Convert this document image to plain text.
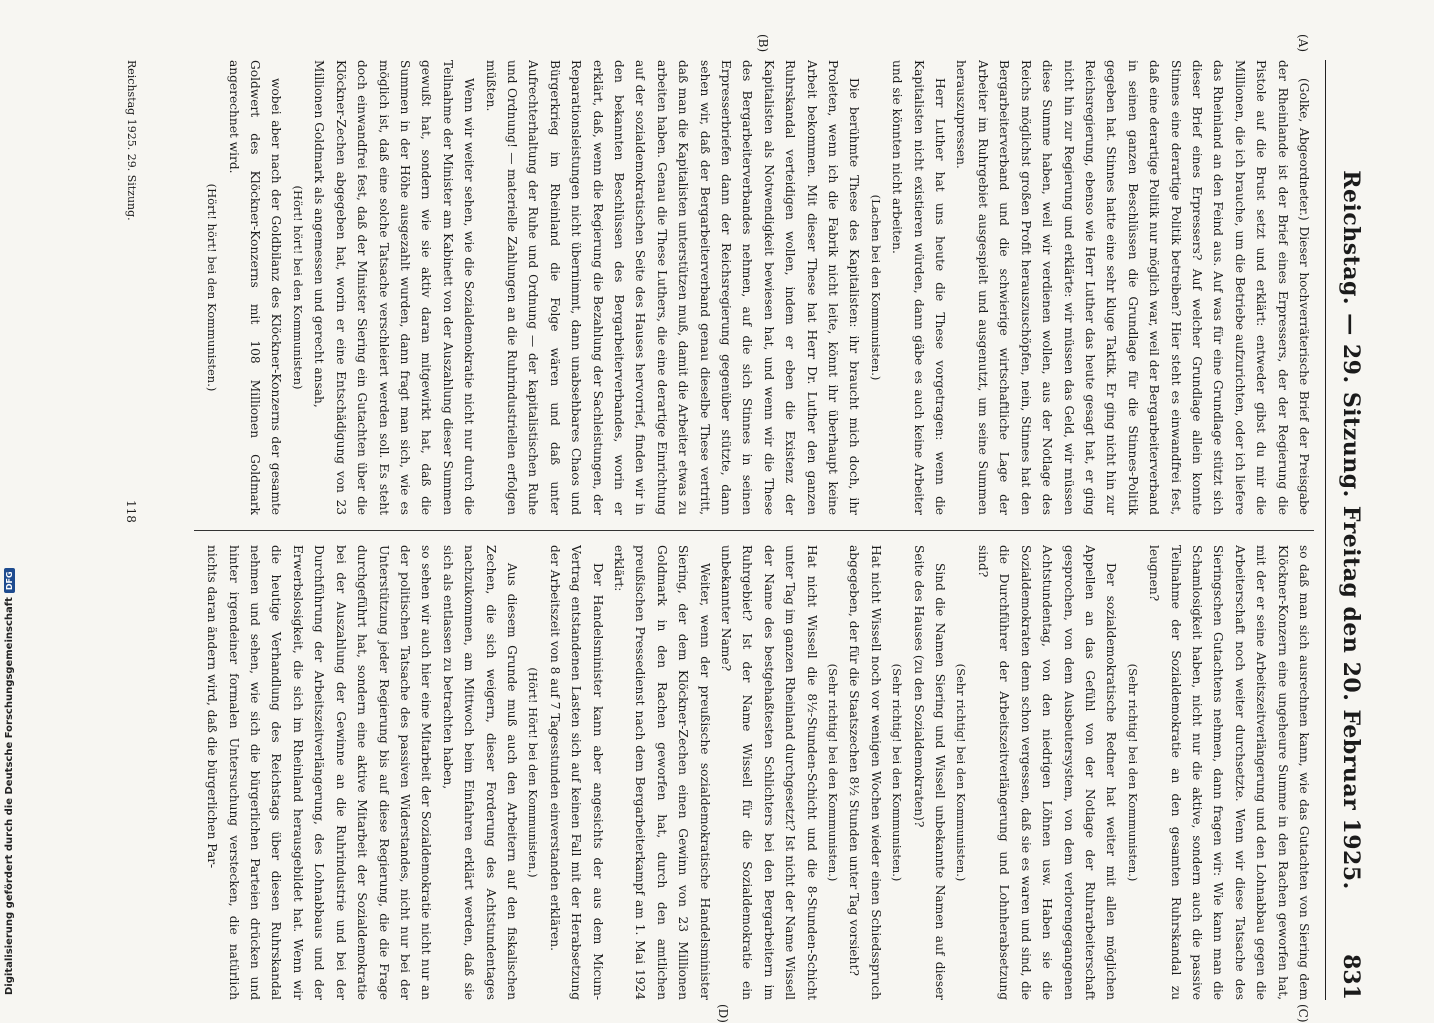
Reichstag. — 29. Sitzung. Freitag den 20. Februar 1925.
831
(A)
(B)
(C)
(D)

(Golke, Abgeordneter.) Dieser hochverräterische Brief der Preisgabe der Rheinlande ist der Brief eines Erpressers, der der Regierung die Pistole auf die Brust setzt und erklärt: entweder gibst du mir die Millionen, die ich brauche, um die Betriebe aufzurichten, oder ich liefere das Rheinland an den Feind aus. Auf was für eine Grundlage stützt sich dieser Brief eines Erpressers? Auf welcher Grundlage allein konnte Stinnes eine derartige Politik betreiben? Hier steht es einwandfrei fest, daß eine derartige Politik nur möglich war, weil der Bergarbeiterverband in seinen ganzen Beschlüssen die Grundlage für die Stinnes-Politik gegeben hat. Stinnes hatte eine sehr kluge Taktik. Er ging nicht hin zur Reichsregierung, ebenso wie Herr Luther das heute gesagt hat, er ging nicht hin zur Regierung und erklärte: wir müssen das Geld, wir müssen diese Summe haben, weil wir verdienen wollen, aus der Notlage des Reichs möglichst großen Profit herauszuschöpfen, nein, Stinnes hat den Bergarbeiterverband und die schwierige wirtschaftliche Lage der Arbeiter im Ruhrgebiet ausgespielt und ausgenutzt, um seine Summen herauszupressen.

Herr Luther hat uns heute die These vorgetragen: wenn die Kapitalisten nicht existieren würden, dann gäbe es auch keine Arbeiter und sie könnten nicht arbeiten.

(Lachen bei den Kommunisten.)

Die berühmte These des Kapitalisten: ihr braucht mich doch, ihr Proleten, wenn ich die Fabrik nicht leite, könnt ihr überhaupt keine Arbeit bekommen. Mit dieser These hat Herr Dr. Luther den ganzen Ruhrskandal verteidigen wollen, indem er eben die Existenz der Kapitalisten als Notwendigkeit bewiesen hat, und wenn wir die These des Bergarbeiterverbandes nehmen, auf die sich Stinnes in seinen Erpresserbriefen dann der Reichsregierung gegenüber stützte, dann sehen wir, daß der Bergarbeiterverband genau dieselbe These vertritt, daß man die Kapitalisten unterstützen muß, damit die Arbeiter etwas zu arbeiten haben. Genau die These Luthers, die eine derartige Einrichtung auf der sozialdemokratischen Seite des Hauses hervorrief, finden wir in den bekannten Beschlüssen des Bergarbeiterverbandes, worin er erklärt, daß, wenn die Regierung die Bezahlung der Sachleistungen, der Reparationsleistungen nicht übernimmt, dann unabsehbares Chaos und Bürgerkrieg im Rheinland die Folge wären und daß unter Aufrechterhaltung der Ruhe und Ordnung — der kapitalistischen Ruhe und Ordnung! — materielle Zahlungen an die Ruhrindustriellen erfolgen müßten.

Wenn wir weiter sehen, wie die Sozialdemokratie nicht nur durch die Teilnahme der Minister am Kabinett von der Auszahlung dieser Summen gewußt hat, sondern wie sie aktiv daran mitgewirkt hat, daß die Summen in der Höhe ausgezahlt wurden, dann fragt man sich, wie es möglich ist, daß eine solche Tatsache verschleiert werden soll. Es steht doch einwandfrei fest, daß der Minister Siering ein Gutachten über die Klöckner-Zechen abgegeben hat, worin er eine Entschädigung von 23 Millionen Goldmark als angemessen und gerecht ansah,

(Hört! hört! bei den Kommunisten)

wobei aber nach der Goldbilanz des Klöckner-Konzerns der gesamte Goldwert des Klöckner-Konzerns mit 108 Millionen Goldmark angerechnet wird.

(Hört! hört! bei den Kommunisten.)

so daß man sich ausrechnen kann, wie das Gutachten von Siering dem Klöckner-Konzern eine ungeheure Summe in den Rachen geworfen hat, mit der er seine Arbeitszeitverlängerung und den Lohnabbau gegen die Arbeiterschaft noch weiter durchsetzte. Wenn wir diese Tatsache des Sieringschen Gutachtens nehmen, dann fragen wir: Wie kann man die Schamlosigkeit haben, nicht nur die aktive, sondern auch die passive Teilnahme der Sozialdemokratie an den gesamten Ruhrskandal zu leugnen?

(Sehr richtig! bei den Kommunisten.)

Der sozialdemokratische Redner hat weiter mit allen möglichen Appellen an das Gefühl von der Notlage der Ruhrarbeiterschaft gesprochen, von dem Ausbeutersystem, von dem verlorengegangenen Achtstundentag, von den niedrigen Löhnen usw. Haben sie die Sozialdemokraten denn schon vergessen, daß sie es waren und sind, die die Durchführer der Arbeitszeitverlängerung und Lohnherabsetzung sind?

(Sehr richtig! bei den Kommunisten.)

Sind die Namen Siering und Wissell unbekannte Namen auf dieser Seite des Hauses (zu den Sozialdemokraten)?

(Sehr richtig! bei den Kommunisten.)

Hat nicht Wissell noch vor wenigen Wochen wieder einen Schiedsspruch abgegeben, der für die Staatszechen 8½ Stunden unter Tag vorsieht?

(Sehr richtig! bei den Kommunisten.)

Hat nicht Wissell die 8½-Stunden-Schicht und die 8-Stunden-Schicht unter Tag im ganzen Rheinland durchgesetzt? Ist nicht der Name Wissell der Name des bestgehaßtesten Schlichters bei den Bergarbeitern im Ruhrgebiet? Ist der Name Wissell für die Sozialdemokratie ein unbekannter Name?

Weiter, wenn der preußische sozialdemokratische Handelsminister Siering, der dem Klöckner-Zechen einen Gewinn von 23 Millionen Goldmark in den Rachen geworfen hat, durch den amtlichen preußischen Pressedienst nach dem Bergarbeiterkampf am 1. Mai 1924 erklärt:

Der Handelsminister kann aber angesichts der aus dem Micum-Vertrag entstandenen Lasten sich auf keinen Fall mit der Herabsetzung der Arbeitszeit von 8 auf 7 Tagesstunden einverstanden erklären.

(Hört! Hört! bei den Kommunisten.)

Aus diesem Grunde muß auch den Arbeitern auf den fiskalischen Zechen, die sich weigern, dieser Forderung des Achtstundentages nachzukommen, am Mittwoch beim Einfahren erklärt werden, daß sie sich als entlassen zu betrachten haben,

so sehen wir auch hier eine Mitarbeit der Sozialdemokratie nicht nur an der politischen Tatsache des passiven Widerstandes, nicht nur bei der Unterstützung jeder Regierung bis auf diese Regierung, die die Frage durchgeführt hat, sondern eine aktive Mitarbeit der Sozialdemokratie bei der Auszahlung der Gewinne an die Ruhrindustrie und bei der Durchführung der Arbeitszeitverlängerung, des Lohnabbaus und der Erwerbslosigkeit, die sich im Rheinland herausgebildet hat. Wenn wir die heutige Verhandlung des Reichstags über diesen Ruhrskandal nehmen und sehen, wie sich die bürgerlichen Parteien drücken und hinter irgendeiner formalen Untersuchung verstecken, die natürlich nichts daran ändern wird, daß die bürgerlichen Par-

Reichstag 1925. 29. Sitzung.
118
Digitalisierung gefördert durch die Deutsche ForschungsgemeinschaftDFG
